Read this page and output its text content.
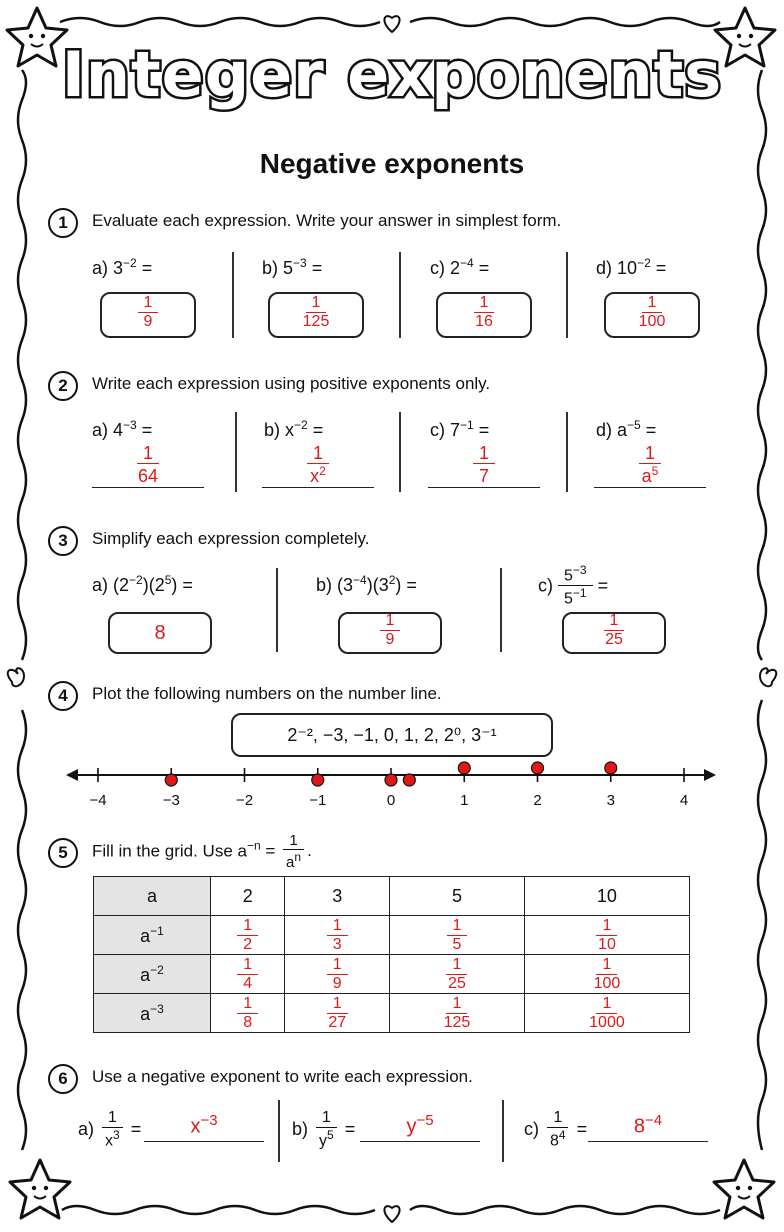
Integer exponents
Negative exponents
1	Evaluate each expression. Write your answer in simplest form.
a) $3^{-2}$ =
$\frac{1}{9}$
b) $5^{-3}$ =
$\frac{1}{125}$
c) $2^{-4}$ =
$\frac{1}{16}$
d) $10^{-2}$ =
$\frac{1}{100}$
2	Write each expression using positive exponents only.
a) $4^{-3}$ =
$\frac{1}{64}$
b) $x^{-2}$ =
$\frac{1}{x^2}$
c) $7^{-1}$ =
$\frac{1}{7}$
d) $a^{-5}$ =
$\frac{1}{a^5}$
3	Simplify each expression completely.
a) $(2^{-2})(2^5)$ =
8
b) $(3^{-4})(3^2)$ =
$\frac{1}{9}$
$c) \frac{5^{-3}}{5^{-1}}$ =
$\frac{1}{25}$
4	Plot the following numbers on the number line.
2⁻², −3, −1, 0, 1, 2, 2⁰, 3⁻¹
−4	−3	−2	−1	0	1	2	3	4
5	Fill in the grid. Use $a^{-n} = \frac{1}{a^n}$ .
a	2	3	5	10
$a^{-1}$	$\frac{1}{2}$	$\frac{1}{3}$	$\frac{1}{5}$	$\frac{1}{10}$

$a^{-2}$	$\frac{1}{4}$	$\frac{1}{9}$	$\frac{1}{25}$	$\frac{1}{100}$

$a^{-3}$	$\frac{1}{8}$	$\frac{1}{27}$	$\frac{1}{125}$	$\frac{1}{1000}$
6	Use a negative exponent to write each expression.
$a) \frac{1}{x^3}$ =	$x^{-3}$	$b) \frac{1}{y^5}$ =	$y^{-5}$	$c) \frac{1}{8^4}$ =	$8^{-4}$
